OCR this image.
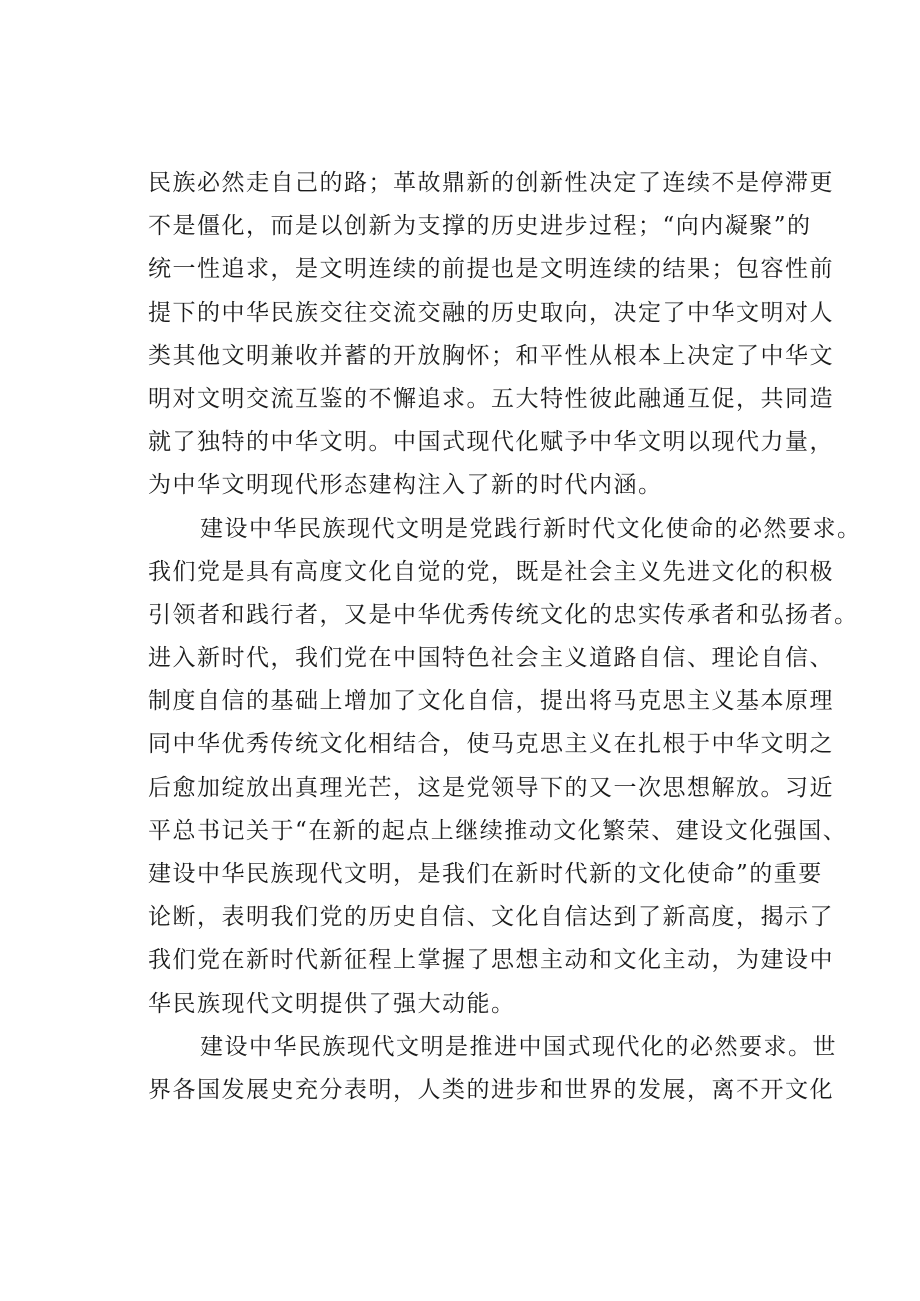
民族必然走自己的路；革故鼎新的创新性决定了连续不是停滞更
不是僵化，而是以创新为支撑的历史进步过程；“向内凝聚”的
统一性追求，是文明连续的前提也是文明连续的结果；包容性前
提下的中华民族交往交流交融的历史取向，决定了中华文明对人
类其他文明兼收并蓄的开放胸怀；和平性从根本上决定了中华文
明对文明交流互鉴的不懈追求。五大特性彼此融通互促，共同造
就了独特的中华文明。中国式现代化赋予中华文明以现代力量，
为中华文明现代形态建构注入了新的时代内涵。
建设中华民族现代文明是党践行新时代文化使命的必然要求。
我们党是具有高度文化自觉的党，既是社会主义先进文化的积极
引领者和践行者，又是中华优秀传统文化的忠实传承者和弘扬者。
进入新时代，我们党在中国特色社会主义道路自信、理论自信、
制度自信的基础上增加了文化自信，提出将马克思主义基本原理
同中华优秀传统文化相结合，使马克思主义在扎根于中华文明之
后愈加绽放出真理光芒，这是党领导下的又一次思想解放。习近
平总书记关于“在新的起点上继续推动文化繁荣、建设文化强国、
建设中华民族现代文明，是我们在新时代新的文化使命”的重要
论断，表明我们党的历史自信、文化自信达到了新高度，揭示了
我们党在新时代新征程上掌握了思想主动和文化主动，为建设中
华民族现代文明提供了强大动能。
建设中华民族现代文明是推进中国式现代化的必然要求。世
界各国发展史充分表明，人类的进步和世界的发展，离不开文化
